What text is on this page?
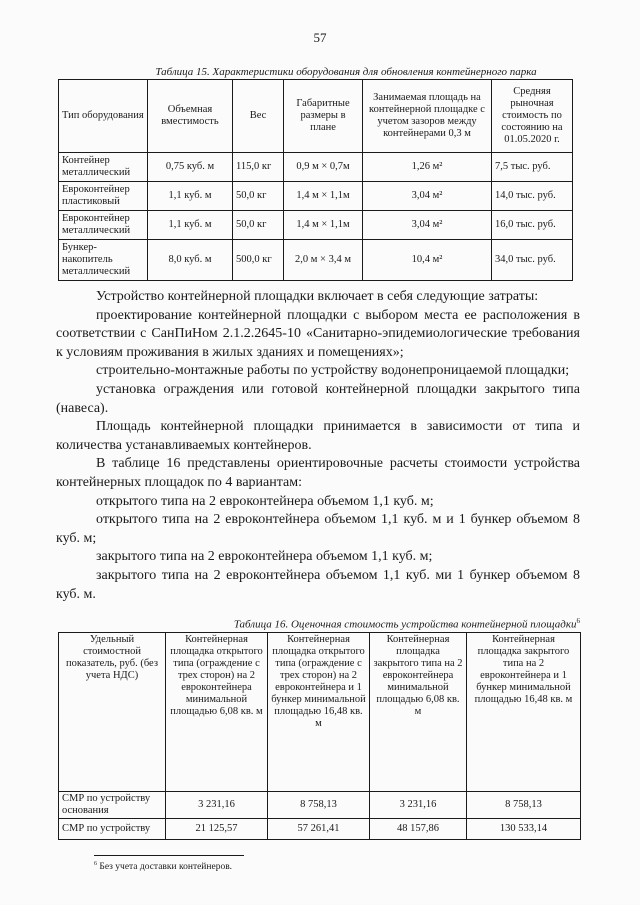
57
Таблица 15. Характеристики оборудования для обновления контейнерного парка
Тип оборудования	Объемная вместимость	Вес	Габаритные размеры в плане	Занимаемая площадь на контейнерной площадке с учетом зазоров между контейнерами 0,3 м	Средняя рыночная стоимость по состоянию на 01.05.2020 г.
Контейнер металлический	0,75 куб. м	115,0 кг	0,9 м × 0,7м	1,26 м²	7,5 тыс. руб.
Евроконтейнер пластиковый	1,1 куб. м	50,0 кг	1,4 м × 1,1м	3,04 м²	14,0 тыс. руб.
Евроконтейнер металлический	1,1 куб. м	50,0 кг	1,4 м × 1,1м	3,04 м²	16,0 тыс. руб.
Бункер-накопитель металлический	8,0 куб. м	500,0 кг	2,0 м × 3,4 м	10,4 м²	34,0 тыс. руб.

Устройство контейнерной площадки включает в себя следующие затраты:

проектирование контейнерной площадки с выбором места ее расположения в соответствии с СанПиНом 2.1.2.2645-10 «Санитарно-эпидемиологические требования к условиям проживания в жилых зданиях и помещениях»;

строительно-монтажные работы по устройству водонепроницаемой площадки;

установка ограждения или готовой контейнерной площадки закрытого типа (навеса).

Площадь контейнерной площадки принимается в зависимости от типа и количества устанавливаемых контейнеров.

В таблице 16 представлены ориентировочные расчеты стоимости устройства контейнерных площадок по 4 вариантам:

открытого типа на 2 евроконтейнера объемом 1,1 куб. м;

открытого типа на 2 евроконтейнера объемом 1,1 куб. м и 1 бункер объемом 8 куб. м;

закрытого типа на 2 евроконтейнера объемом 1,1 куб. м;

закрытого типа на 2 евроконтейнера объемом 1,1 куб. ми 1 бункер объемом 8 куб. м.

Таблица 16. Оценочная стоимость устройства контейнерной площадки$^6$
Удельный стоимостной показатель, руб. (без учета НДС)	Контейнерная площадка открытого типа (ограждение с трех сторон) на 2 евроконтейнера минимальной площадью 6,08 кв. м	Контейнерная площадка открытого типа (ограждение с трех сторон) на 2 евроконтейнера и 1 бункер минимальной площадью 16,48 кв. м	Контейнерная площадка закрытого типа на 2 евроконтейнера минимальной площадью 6,08 кв. м	Контейнерная площадка закрытого типа на 2 евроконтейнера и 1 бункер минимальной площадью 16,48 кв. м
СМР по устройству основания	3 231,16	8 758,13	3 231,16	8 758,13
СМР по устройству	21 125,57	57 261,41	48 157,86	130 533,14
$^6$ Без учета доставки контейнеров.
